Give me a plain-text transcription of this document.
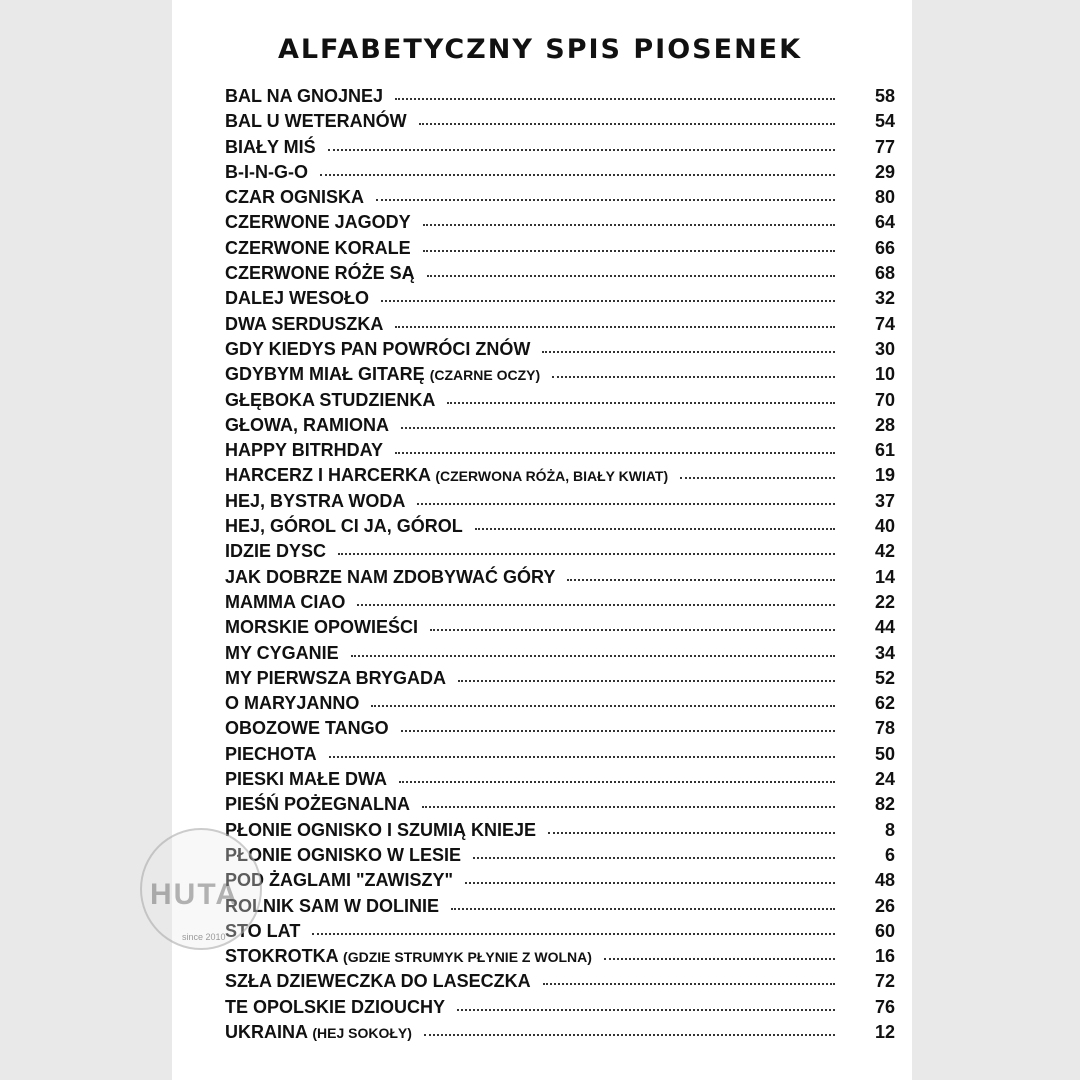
ALFABETYCZNY SPIS PIOSENEK
BAL NA GNOJNEJ	58
BAL U WETERANÓW	54
BIAŁY MIŚ	77
B-I-N-G-O	29
CZAR OGNISKA	80
CZERWONE JAGODY	64
CZERWONE KORALE	66
CZERWONE RÓŻE SĄ	68
DALEJ WESOŁO	32
DWA SERDUSZKA	74
GDY KIEDYS PAN POWRÓCI ZNÓW	30
GDYBYM MIAŁ GITARĘ (CZARNE OCZY)	10
GŁĘBOKA STUDZIENKA	70
GŁOWA, RAMIONA	28
HAPPY BITRHDAY	61
HARCERZ I HARCERKA (CZERWONA RÓŻA, BIAŁY KWIAT)	19
HEJ, BYSTRA WODA	37
HEJ, GÓROL CI JA, GÓROL	40
IDZIE DYSC	42
JAK DOBRZE NAM ZDOBYWAĆ GÓRY	14
MAMMA CIAO	22
MORSKIE OPOWIEŚCI	44
MY CYGANIE	34
MY PIERWSZA BRYGADA	52
O MARYJANNO	62
OBOZOWE TANGO	78
PIECHOTA	50
PIESKI MAŁE DWA	24
PIEŚŃ POŻEGNALNA	82
PŁONIE OGNISKO I SZUMIĄ KNIEJE	8
PŁONIE OGNISKO W LESIE	6
POD ŻAGLAMI "ZAWISZY"	48
ROLNIK SAM W DOLINIE	26
STO LAT	60
STOKROTKA (GDZIE STRUMYK PŁYNIE Z WOLNA)	16
SZŁA DZIEWECZKA DO LASECZKA	72
TE OPOLSKIE DZIOUCHY	76
UKRAINA (HEJ SOKOŁY)	12
HUTA
since 2010
